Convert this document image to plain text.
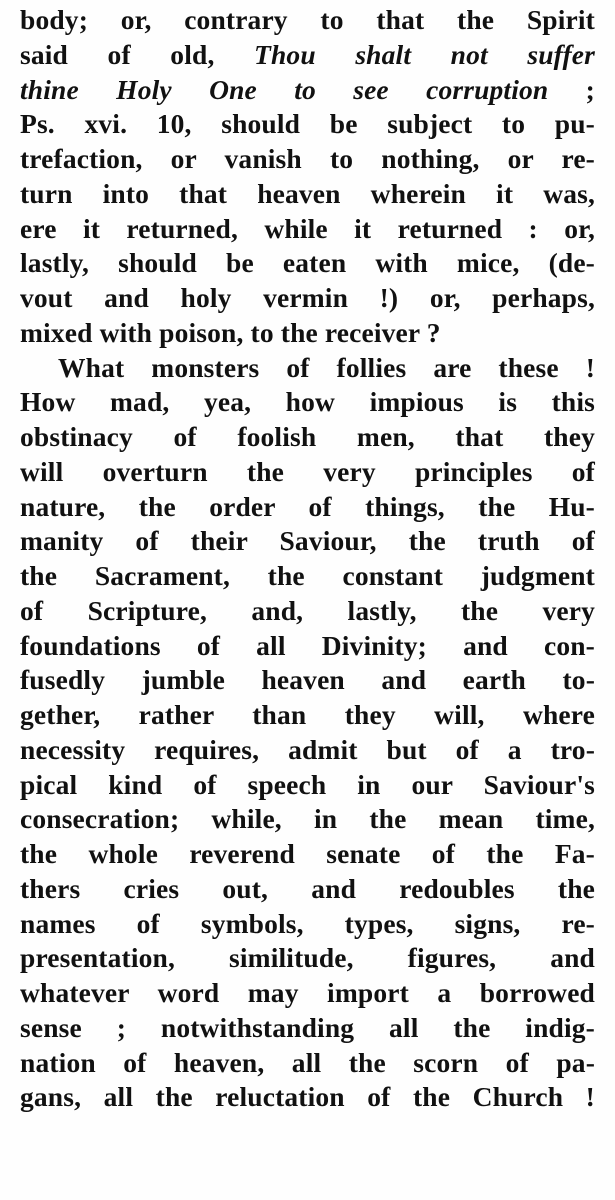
body; or, contrary to that the Spirit
said of old, Thou shalt not suffer
thine Holy One to see corruption ;
Ps. xvi. 10, should be subject to pu-
trefaction, or vanish to nothing, or re-
turn into that heaven wherein it was,
ere it returned, while it returned : or,
lastly, should be eaten with mice, (de-
vout and holy vermin !) or, perhaps,
mixed with poison, to the receiver ?
What monsters of follies are these !
How mad, yea, how impious is this
obstinacy of foolish men, that they
will overturn the very principles of
nature, the order of things, the Hu-
manity of their Saviour, the truth of
the Sacrament, the constant judgment
of Scripture, and, lastly, the very
foundations of all Divinity; and con-
fusedly jumble heaven and earth to-
gether, rather than they will, where
necessity requires, admit but of a tro-
pical kind of speech in our Saviour's
consecration; while, in the mean time,
the whole reverend senate of the Fa-
thers cries out, and redoubles the
names of symbols, types, signs, re-
presentation, similitude, figures, and
whatever word may import a borrowed
sense ; notwithstanding all the indig-
nation of heaven, all the scorn of pa-
gans, all the reluctation of the Church !
